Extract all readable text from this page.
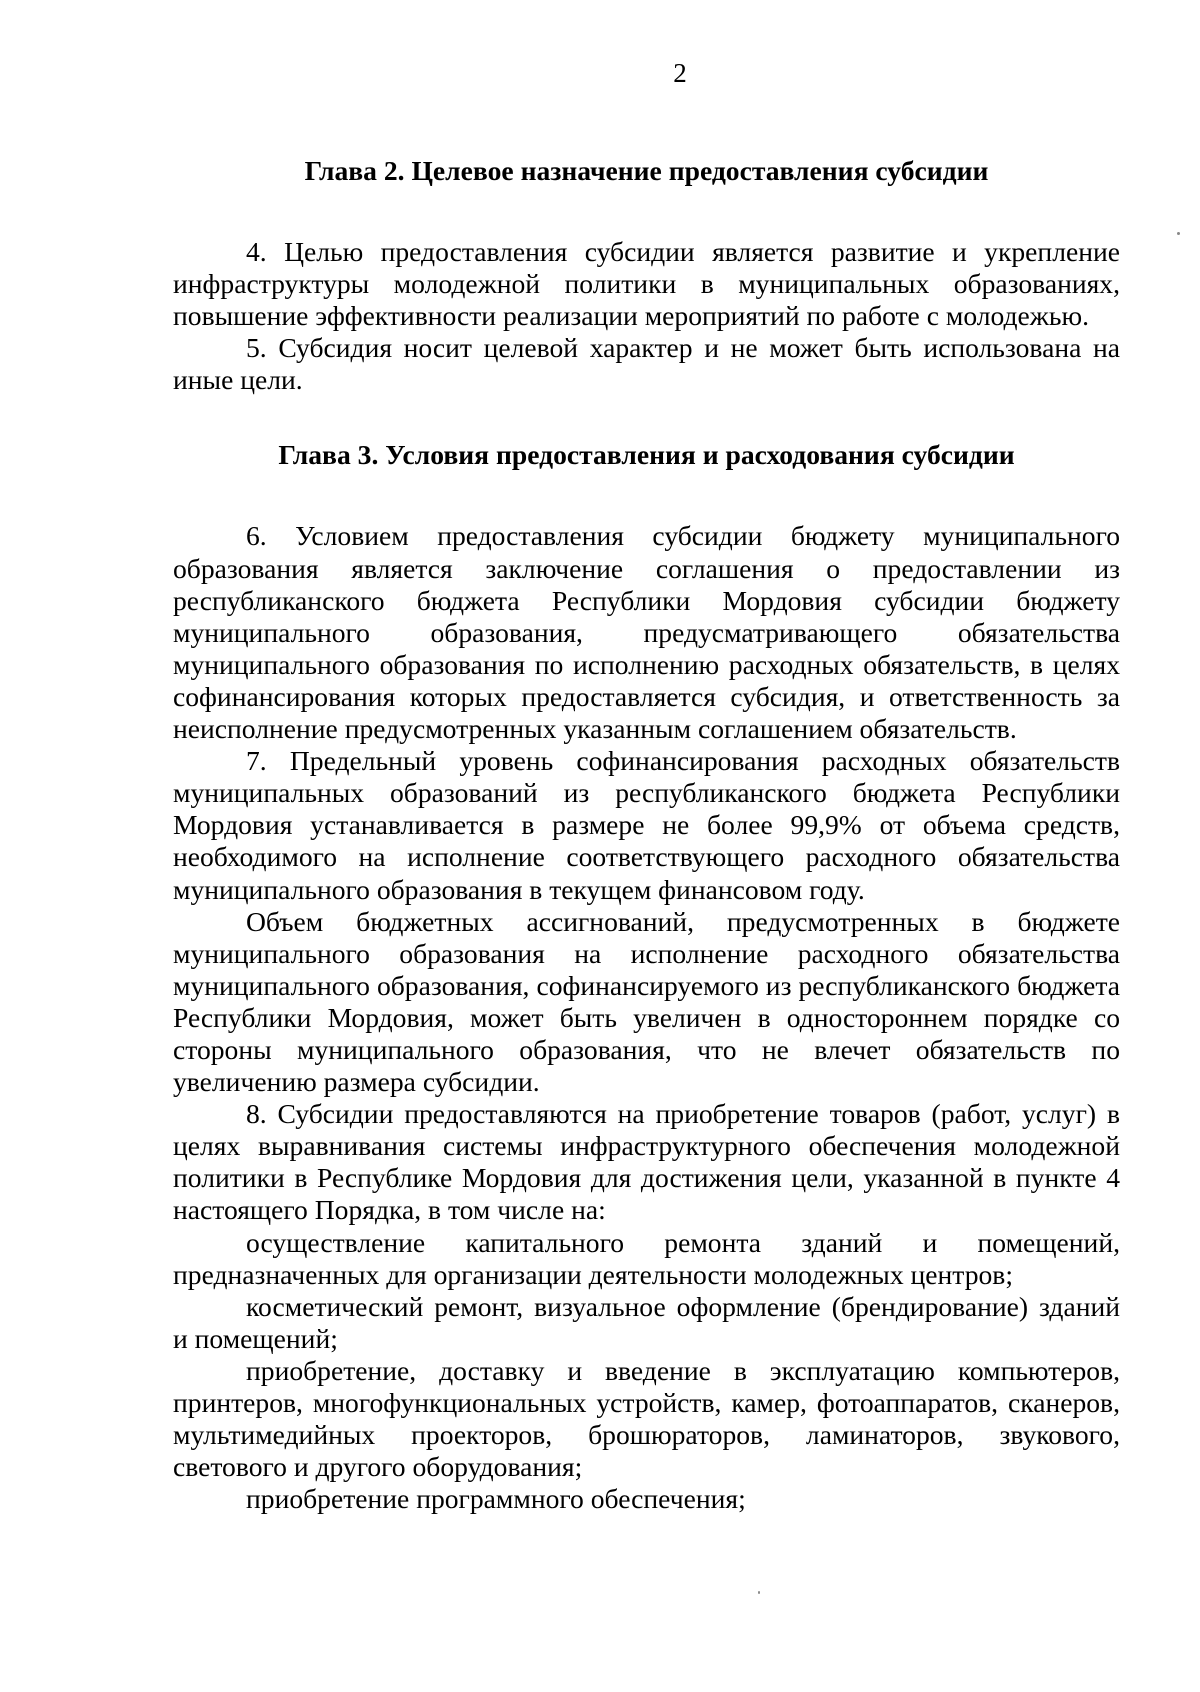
2
Глава 2. Целевое назначение предоставления субсидии

4. Целью предоставления субсидии является развитие и укрепление инфраструктуры молодежной политики в муниципальных образованиях, повышение эффективности реализации мероприятий по работе с молодежью.

5. Субсидия носит целевой характер и не может быть использована на иные цели.

Глава 3. Условия предоставления и расходования субсидии

6. Условием предоставления субсидии бюджету муниципального образования является заключение соглашения о предоставлении из республиканского бюджета Республики Мордовия субсидии бюджету муниципального образования, предусматривающего обязательства муниципального образования по исполнению расходных обязательств, в целях софинансирования которых предоставляется субсидия, и ответственность за неисполнение предусмотренных указанным соглашением обязательств.

7. Предельный уровень софинансирования расходных обязательств муниципальных образований из республиканского бюджета Республики Мордовия устанавливается в размере не более 99,9% от объема средств, необходимого на исполнение соответствующего расходного обязательства муниципального образования в текущем финансовом году.

Объем бюджетных ассигнований, предусмотренных в бюджете муниципального образования на исполнение расходного обязательства муниципального образования, софинансируемого из республиканского бюджета Республики Мордовия, может быть увеличен в одностороннем порядке со стороны муниципального образования, что не влечет обязательств по увеличению размера субсидии.

8. Субсидии предоставляются на приобретение товаров (работ, услуг) в целях выравнивания системы инфраструктурного обеспечения молодежной политики в Республике Мордовия для достижения цели, указанной в пункте 4 настоящего Порядка, в том числе на:

осуществление капитального ремонта зданий и помещений, предназначенных для организации деятельности молодежных центров;

косметический ремонт, визуальное оформление (брендирование) зданий и помещений;

приобретение, доставку и введение в эксплуатацию компьютеров, принтеров, многофункциональных устройств, камер, фотоаппаратов, сканеров, мультимедийных проекторов, брошюраторов, ламинаторов, звукового, светового и другого оборудования;

приобретение программного обеспечения;
